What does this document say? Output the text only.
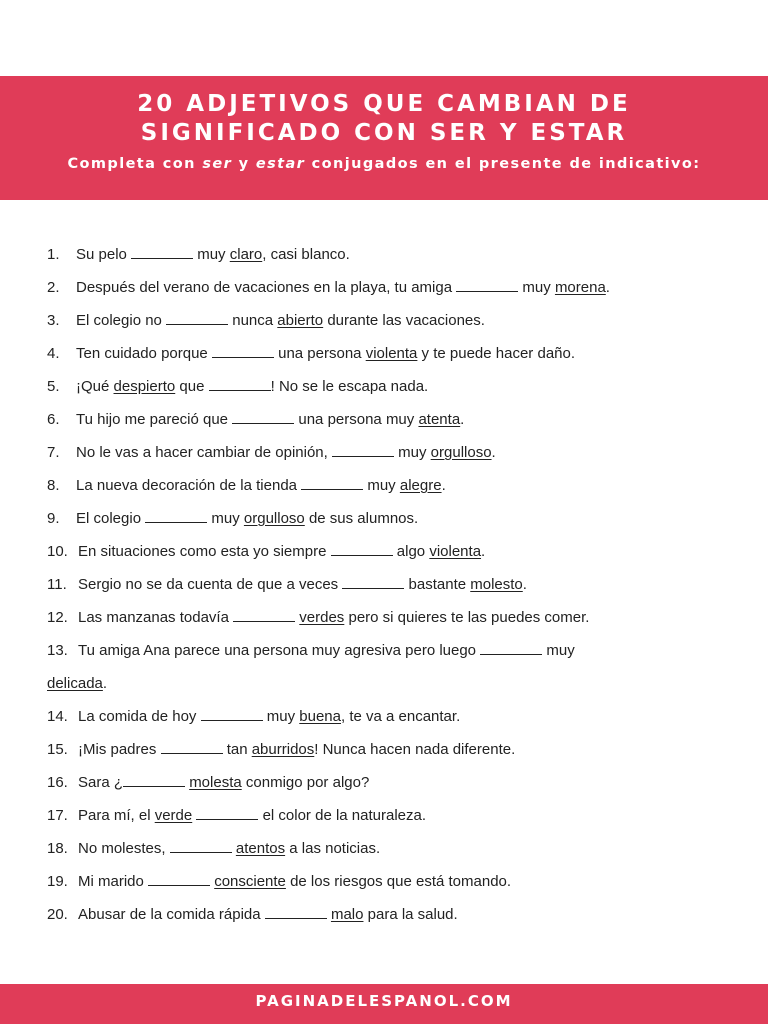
20 ADJETIVOS QUE CAMBIAN DE
SIGNIFICADO CON SER Y ESTAR
Completa con ser y estar conjugados en el presente de indicativo:
1. Su pelo	muy claro, casi blanco.
2. Después del verano de vacaciones en la playa, tu amiga	muy morena.
3. El colegio no	nunca abierto durante las vacaciones.
4. Ten cuidado porque	una persona violenta y te puede hacer daño.
5. ¡Qué despierto que	! No se le escapa nada.
6. Tu hijo me pareció que	una persona muy atenta.
7. No le vas a hacer cambiar de opinión,	muy orgulloso.
8. La nueva decoración de la tienda	muy alegre.
9. El colegio	muy orgulloso de sus alumnos.
10. En situaciones como esta yo siempre	algo violenta.
11. Sergio no se da cuenta de que a veces	bastante molesto.
12. Las manzanas todavía	verdes pero si quieres te las puedes comer.
13. Tu amiga Ana parece una persona muy agresiva pero luego	muy
delicada.
14. La comida de hoy	muy buena, te va a encantar.
15. ¡Mis padres	tan aburridos! Nunca hacen nada diferente.
16. Sara ¿	molesta conmigo por algo?
17. Para mí, el verde	el color de la naturaleza.
18. No molestes,	atentos a las noticias.
19. Mi marido	consciente de los riesgos que está tomando.
20. Abusar de la comida rápida	malo para la salud.
PAGINADELESPANOL.COM
